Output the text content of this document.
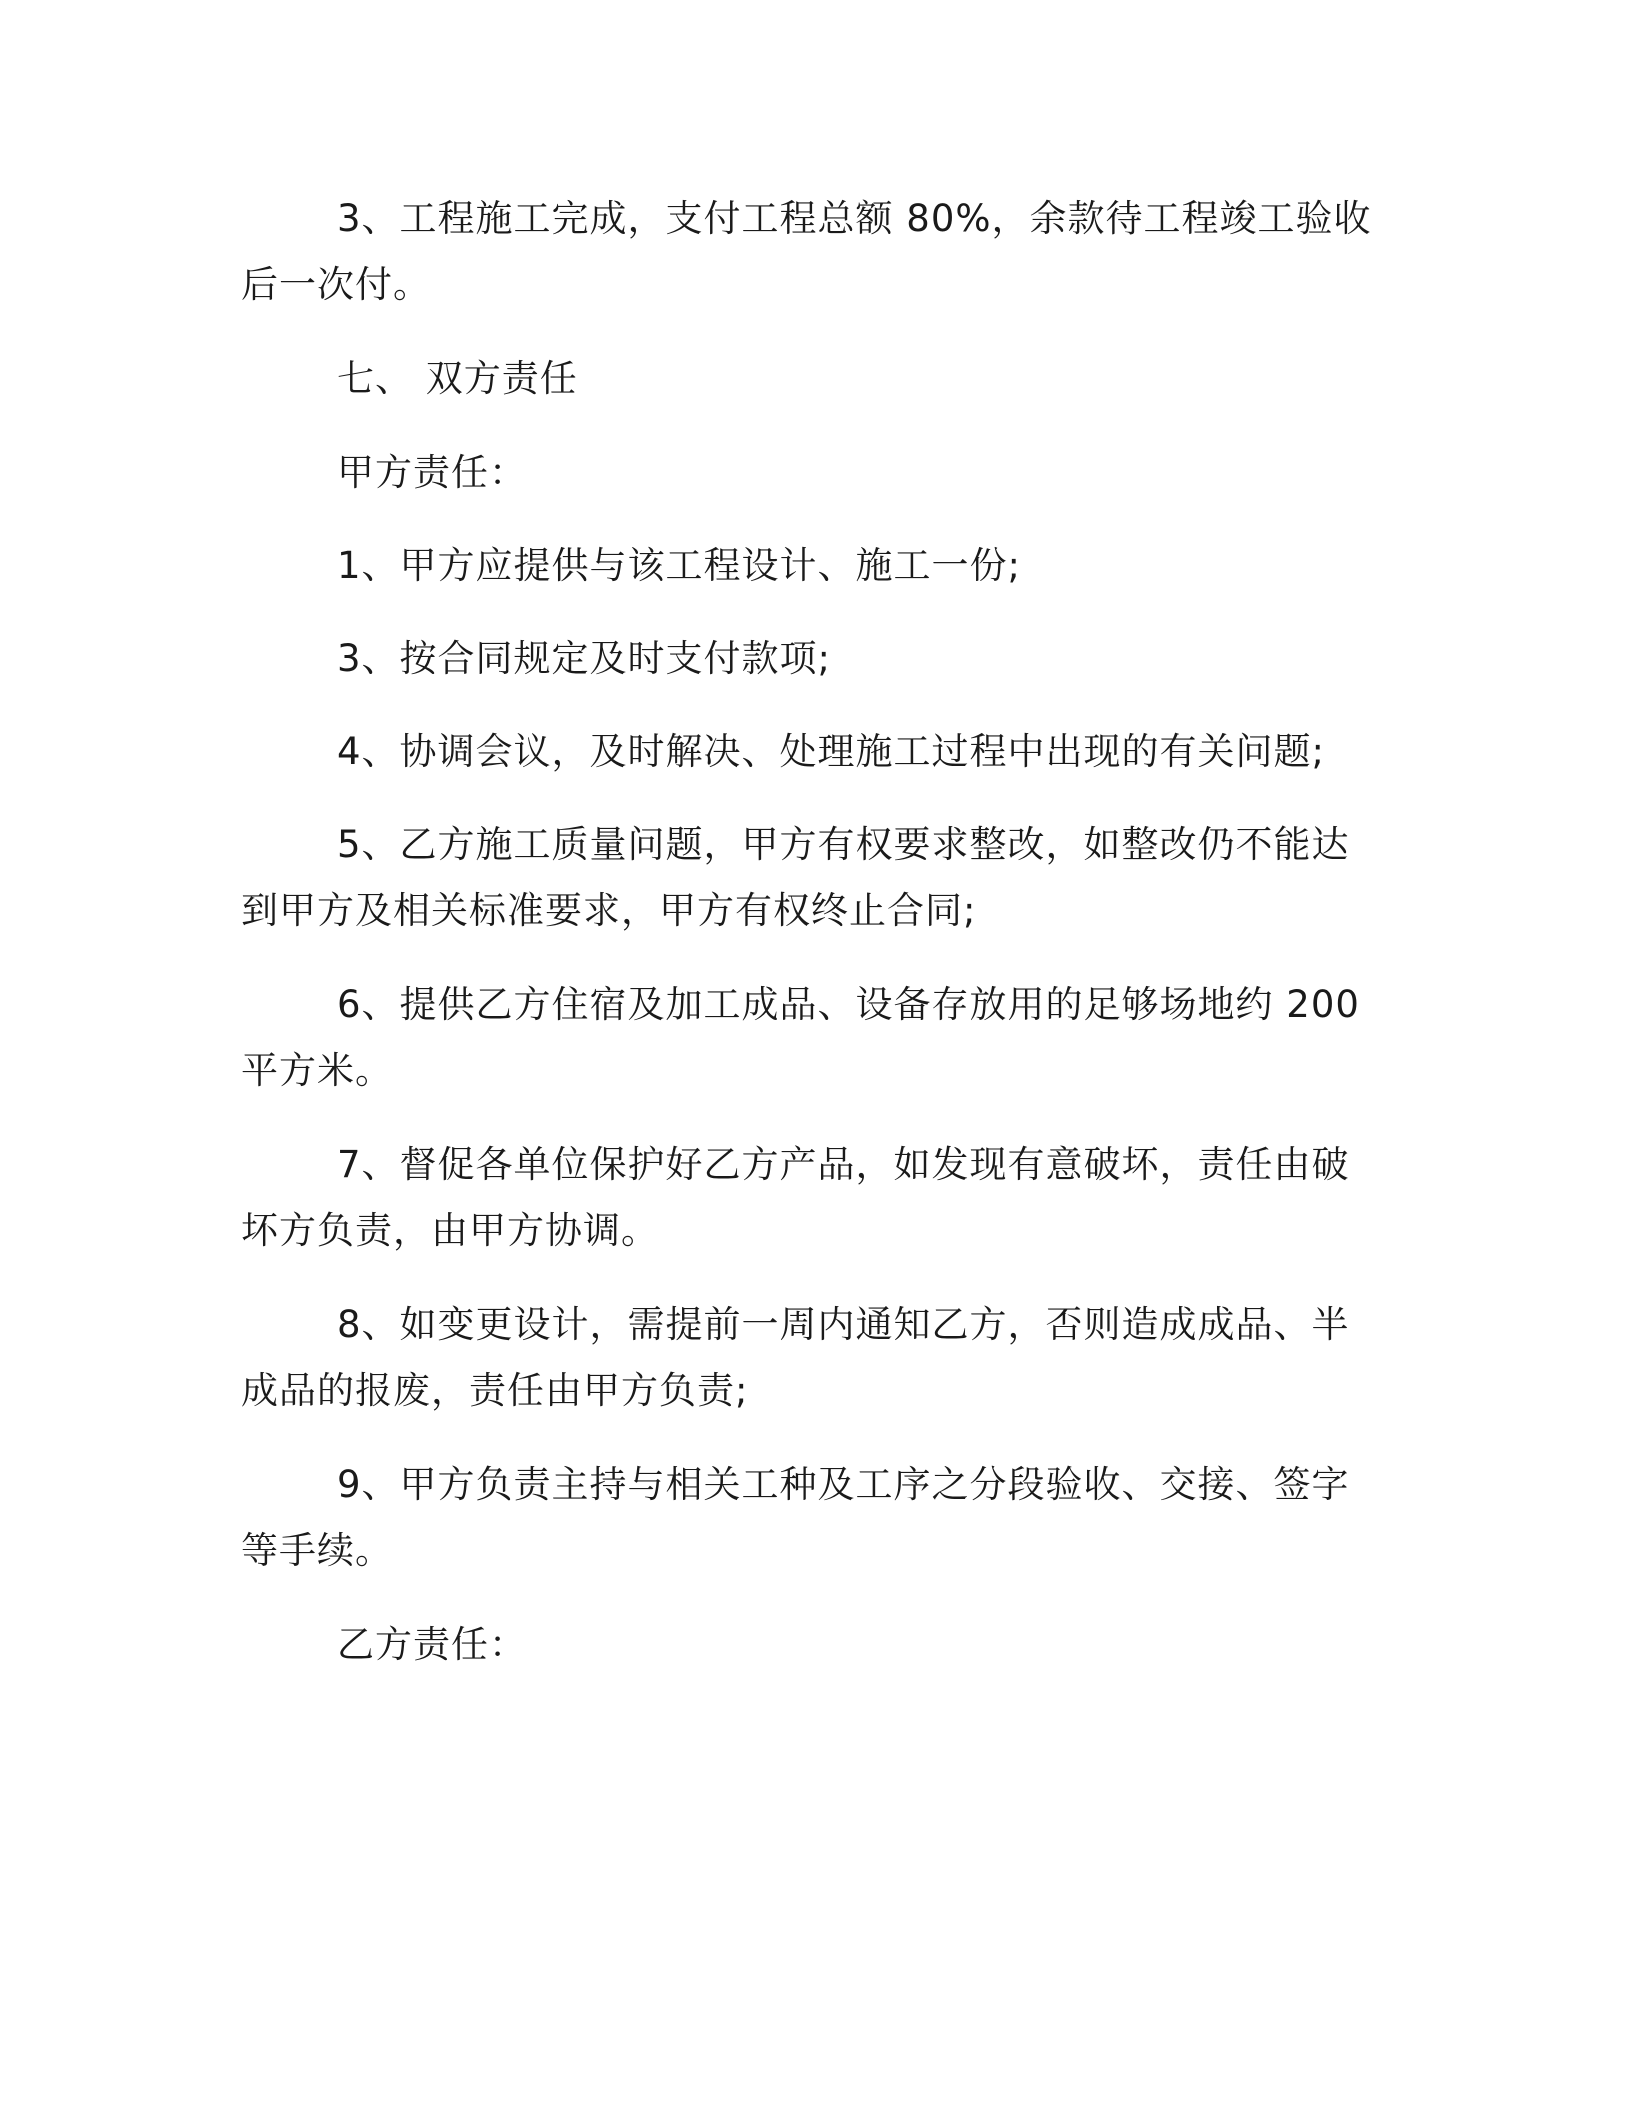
3、工程施工完成，支付工程总额 80%，余款待工程竣工验收后一次付。

七、 双方责任

甲方责任：

1、甲方应提供与该工程设计、施工一份;

3、按合同规定及时支付款项;

4、协调会议，及时解决、处理施工过程中出现的有关问题;

5、乙方施工质量问题，甲方有权要求整改，如整改仍不能达到甲方及相关标准要求，甲方有权终止合同;

6、提供乙方住宿及加工成品、设备存放用的足够场地约 200 平方米。

7、督促各单位保护好乙方产品，如发现有意破坏，责任由破坏方负责，由甲方协调。

8、如变更设计，需提前一周内通知乙方，否则造成成品、半成品的报废，责任由甲方负责;

9、甲方负责主持与相关工种及工序之分段验收、交接、签字等手续。

乙方责任：
